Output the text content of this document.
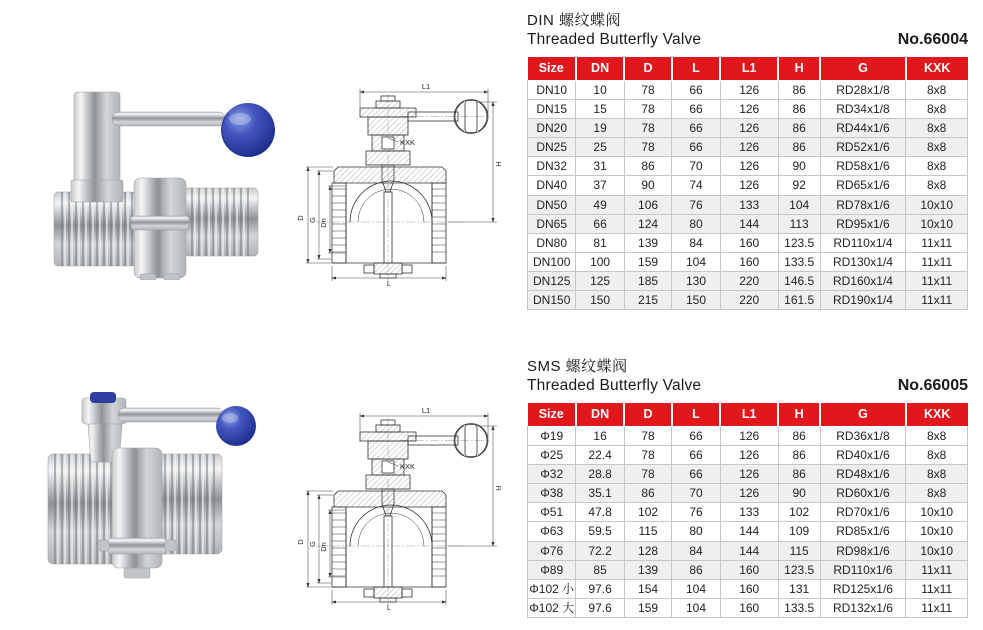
L1
KXK
H
D G Dn
L
L1
KXK
H
D G Dn
L
DIN 螺纹蝶阀
Threaded Butterfly Valve	No.66004
Size	DN	D	L	L1	H	G	KXK
DN10	10	78	66	126	86	RD28x1/8	8x8
DN15	15	78	66	126	86	RD34x1/8	8x8
DN20	19	78	66	126	86	RD44x1/6	8x8
DN25	25	78	66	126	86	RD52x1/6	8x8
DN32	31	86	70	126	90	RD58x1/6	8x8
DN40	37	90	74	126	92	RD65x1/6	8x8
DN50	49	106	76	133	104	RD78x1/6	10x10
DN65	66	124	80	144	113	RD95x1/6	10x10
DN80	81	139	84	160	123.5	RD110x1/4	11x11
DN100	100	159	104	160	133.5	RD130x1/4	11x11
DN125	125	185	130	220	146.5	RD160x1/4	11x11
DN150	150	215	150	220	161.5	RD190x1/4	11x11
SMS 螺纹蝶阀
Threaded Butterfly Valve	No.66005
Size	DN	D	L	L1	H	G	KXK
Φ19	16	78	66	126	86	RD36x1/8	8x8
Φ25	22.4	78	66	126	86	RD40x1/6	8x8
Φ32	28.8	78	66	126	86	RD48x1/6	8x8
Φ38	35.1	86	70	126	90	RD60x1/6	8x8
Φ51	47.8	102	76	133	102	RD70x1/6	10x10
Φ63	59.5	115	80	144	109	RD85x1/6	10x10
Φ76	72.2	128	84	144	115	RD98x1/6	10x10
Φ89	85	139	86	160	123.5	RD110x1/6	11x11
Φ102 小	97.6	154	104	160	131	RD125x1/6	11x11
Φ102 大	97.6	159	104	160	133.5	RD132x1/6	11x11
